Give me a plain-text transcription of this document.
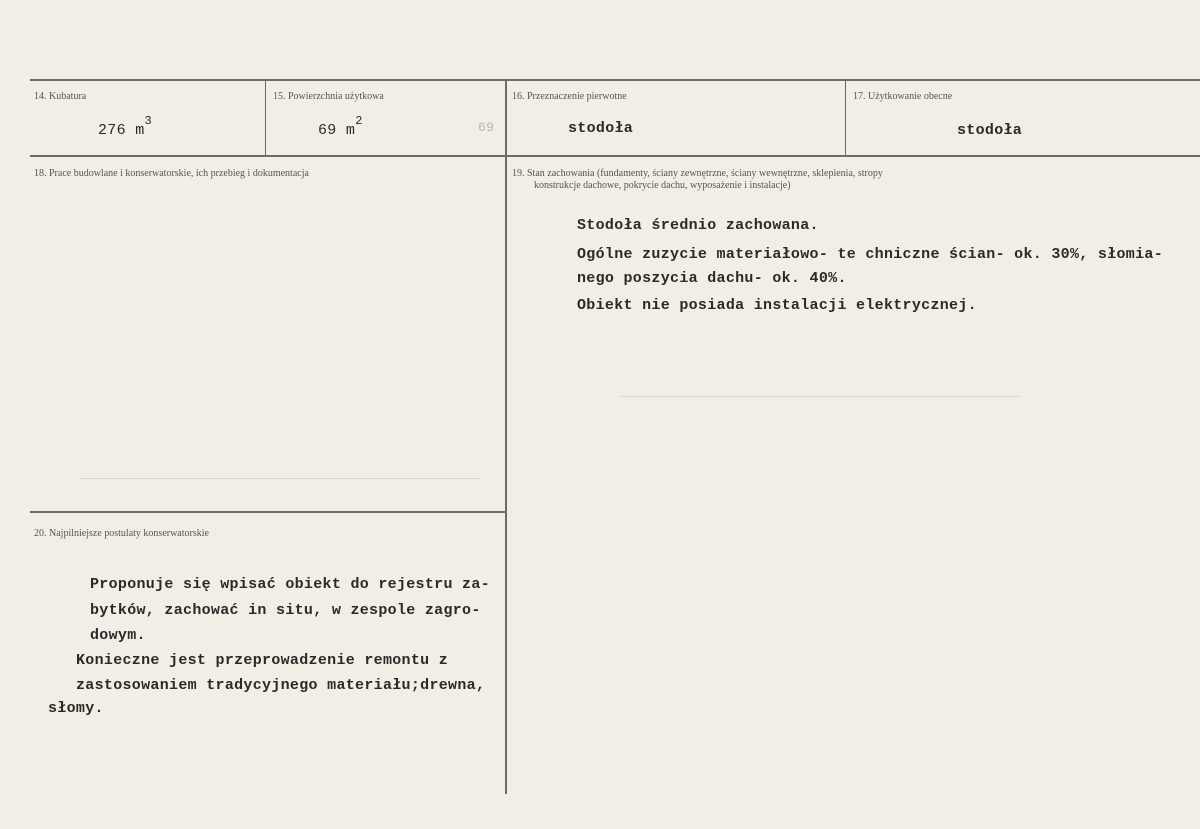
14. Kubatura
276 $m^3$
15. Powierzchnia użytkowa
69 $m^2$	69
16. Przeznaczenie pierwotne
stodoła
17. Użytkowanie obecne
stodoła
18. Prace budowlane i konserwatorskie, ich przebieg i dokumentacja	19. Stan zachowania (fundamenty, ściany zewnętrzne, ściany wewnętrzne, sklepienia, stropy
konstrukcje dachowe, pokrycie dachu, wyposażenie i instalacje)
Stodoła średnio zachowana.
Ogólne zuzycie materiałowo- te chniczne ścian- ok. 30%, słomia-
nego poszycia dachu- ok. 40%.
Obiekt nie posiada instalacji elektrycznej.
20. Najpilniejsze postulaty konserwatorskie
Proponuje się wpisać obiekt do rejestru za-
bytków, zachować in situ, w zespole zagro-
dowym.
Konieczne jest przeprowadzenie remontu z
zastosowaniem tradycyjnego materiału;drewna,
słomy.
